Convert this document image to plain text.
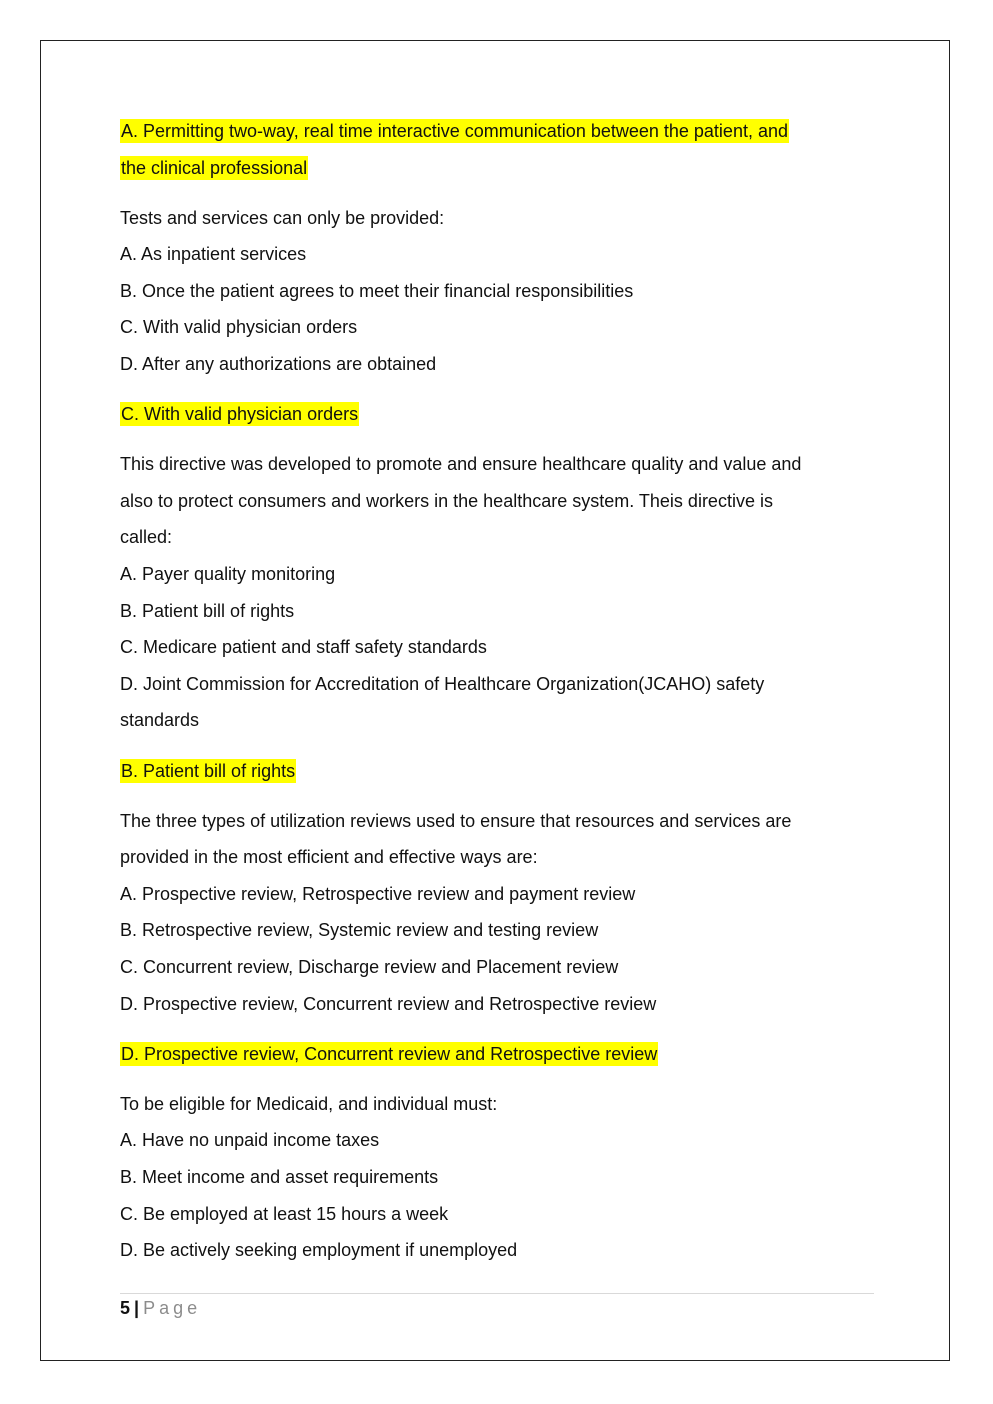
A. Permitting two-way, real time interactive communication between the patient, and
the clinical professional
Tests and services can only be provided:
A. As inpatient services
B. Once the patient agrees to meet their financial responsibilities
C. With valid physician orders
D. After any authorizations are obtained
C. With valid physician orders
This directive was developed to promote and ensure healthcare quality and value and
also to protect consumers and workers in the healthcare system. Theis directive is
called:
A. Payer quality monitoring
B. Patient bill of rights
C. Medicare patient and staff safety standards
D. Joint Commission for Accreditation of Healthcare Organization(JCAHO) safety
standards
B. Patient bill of rights
The three types of utilization reviews used to ensure that resources and services are
provided in the most efficient and effective ways are:
A. Prospective review, Retrospective review and payment review
B. Retrospective review, Systemic review and testing review
C. Concurrent review, Discharge review and Placement review
D. Prospective review, Concurrent review and Retrospective review
D. Prospective review, Concurrent review and Retrospective review
To be eligible for Medicaid, and individual must:
A. Have no unpaid income taxes
B. Meet income and asset requirements
C. Be employed at least 15 hours a week
D. Be actively seeking employment if unemployed
5 | Page
